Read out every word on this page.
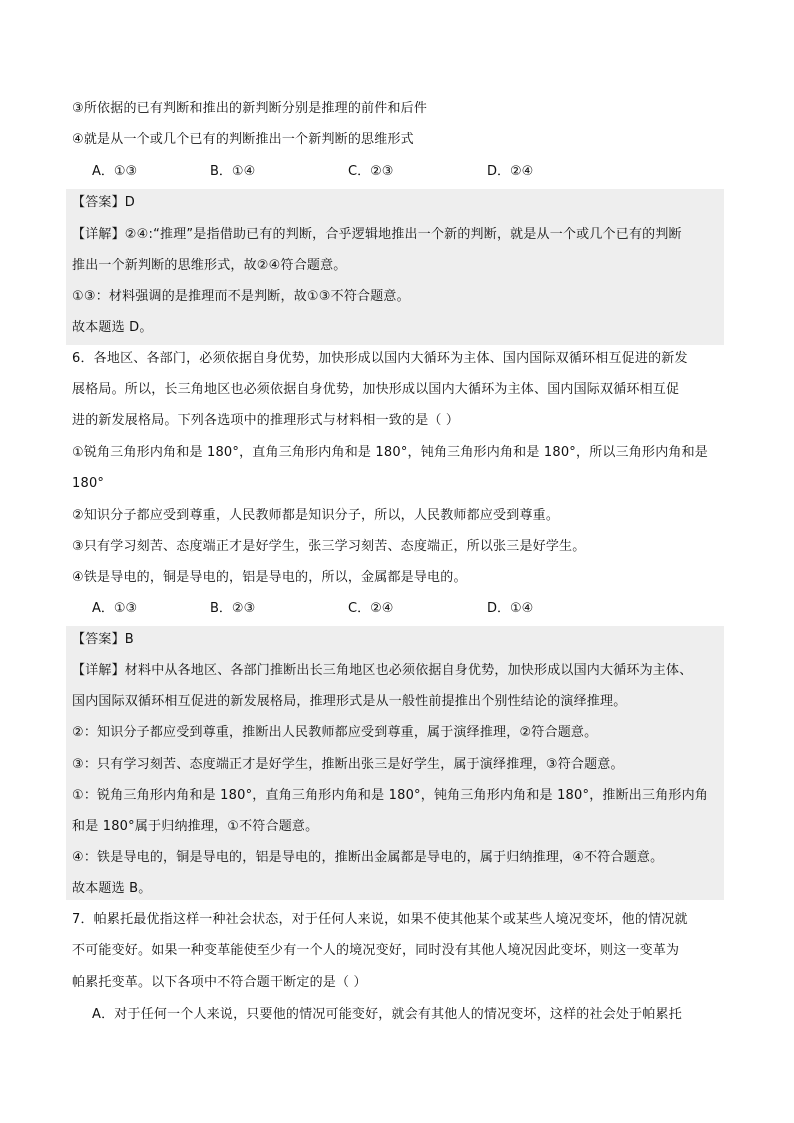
③所依据的已有判断和推出的新判断分别是推理的前件和后件
④就是从一个或几个已有的判断推出一个新判断的思维形式
A．①③	B．①④	C．②③	D．②④
【答案】D
【详解】②④:“推理”是指借助已有的判断，合乎逻辑地推出一个新的判断，就是从一个或几个已有的判断
推出一个新判断的思维形式，故②④符合题意。
①③：材料强调的是推理而不是判断，故①③不符合题意。
故本题选 D。
6．各地区、各部门，必须依据自身优势，加快形成以国内大循环为主体、国内国际双循环相互促进的新发
展格局。所以，长三角地区也必须依据自身优势，加快形成以国内大循环为主体、国内国际双循环相互促
进的新发展格局。下列各选项中的推理形式与材料相一致的是（ ）
①锐角三角形内角和是 180°，直角三角形内角和是 180°，钝角三角形内角和是 180°，所以三角形内角和是
180°
②知识分子都应受到尊重，人民教师都是知识分子，所以，人民教师都应受到尊重。
③只有学习刻苦、态度端正才是好学生，张三学习刻苦、态度端正，所以张三是好学生。
④铁是导电的，铜是导电的，铝是导电的，所以，金属都是导电的。
A．①③	B．②③	C．②④	D．①④
【答案】B
【详解】材料中从各地区、各部门推断出长三角地区也必须依据自身优势，加快形成以国内大循环为主体、
国内国际双循环相互促进的新发展格局，推理形式是从一般性前提推出个别性结论的演绎推理。
②：知识分子都应受到尊重，推断出人民教师都应受到尊重，属于演绎推理，②符合题意。
③：只有学习刻苦、态度端正才是好学生，推断出张三是好学生，属于演绎推理，③符合题意。
①：锐角三角形内角和是 180°，直角三角形内角和是 180°，钝角三角形内角和是 180°，推断出三角形内角
和是 180°属于归纳推理，①不符合题意。
④：铁是导电的，铜是导电的，铝是导电的，推断出金属都是导电的，属于归纳推理，④不符合题意。
故本题选 B。
7．帕累托最优指这样一种社会状态，对于任何人来说，如果不使其他某个或某些人境况变坏，他的情况就
不可能变好。如果一种变革能使至少有一个人的境况变好，同时没有其他人境况因此变坏，则这一变革为
帕累托变革。以下各项中不符合题干断定的是（ ）
A．对于任何一个人来说，只要他的情况可能变好，就会有其他人的情况变坏，这样的社会处于帕累托
